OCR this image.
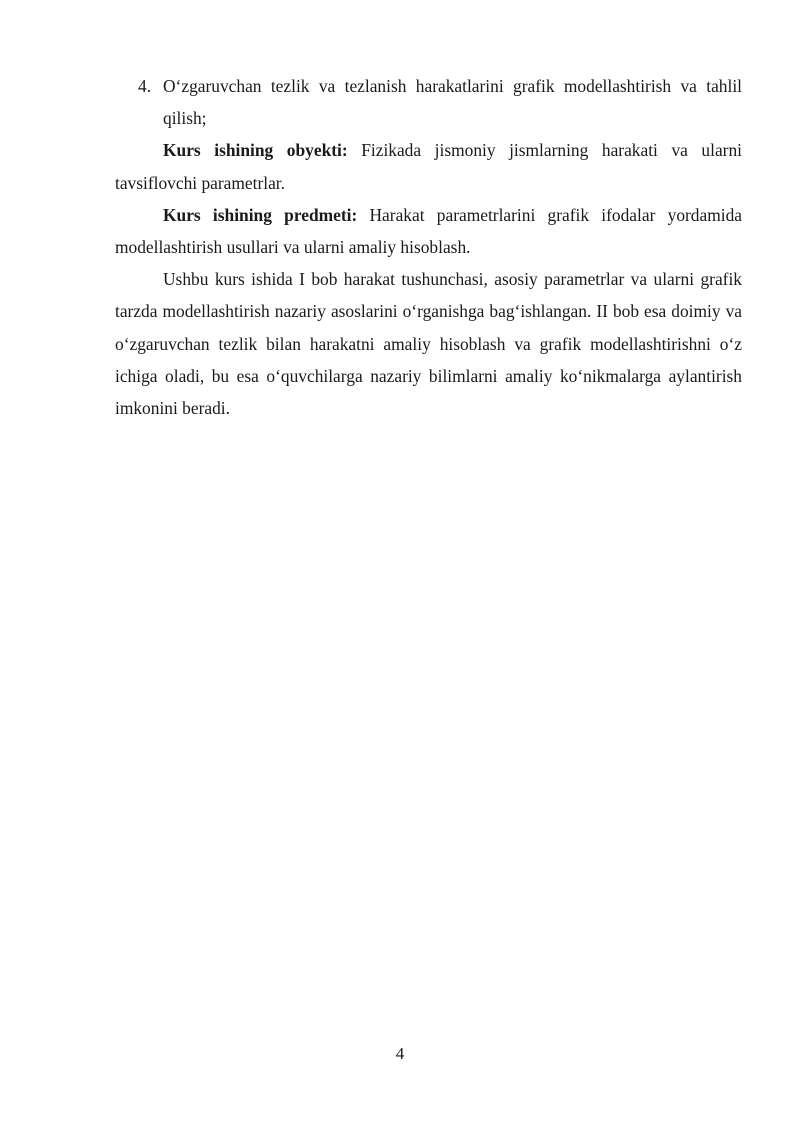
4. O‘zgaruvchan tezlik va tezlanish harakatlarini grafik modellashtirish va tahlil qilish;

Kurs ishining obyekti: Fizikada jismoniy jismlarning harakati va ularni tavsiflovchi parametrlar.

Kurs ishining predmeti: Harakat parametrlarini grafik ifodalar yordamida modellashtirish usullari va ularni amaliy hisoblash.

Ushbu kurs ishida I bob harakat tushunchasi, asosiy parametrlar va ularni grafik tarzda modellashtirish nazariy asoslarini o‘rganishga bag‘ishlangan. II bob esa doimiy va o‘zgaruvchan tezlik bilan harakatni amaliy hisoblash va grafik modellashtirishni o‘z ichiga oladi, bu esa o‘quvchilarga nazariy bilimlarni amaliy ko‘nikmalarga aylantirish imkonini beradi.

4
